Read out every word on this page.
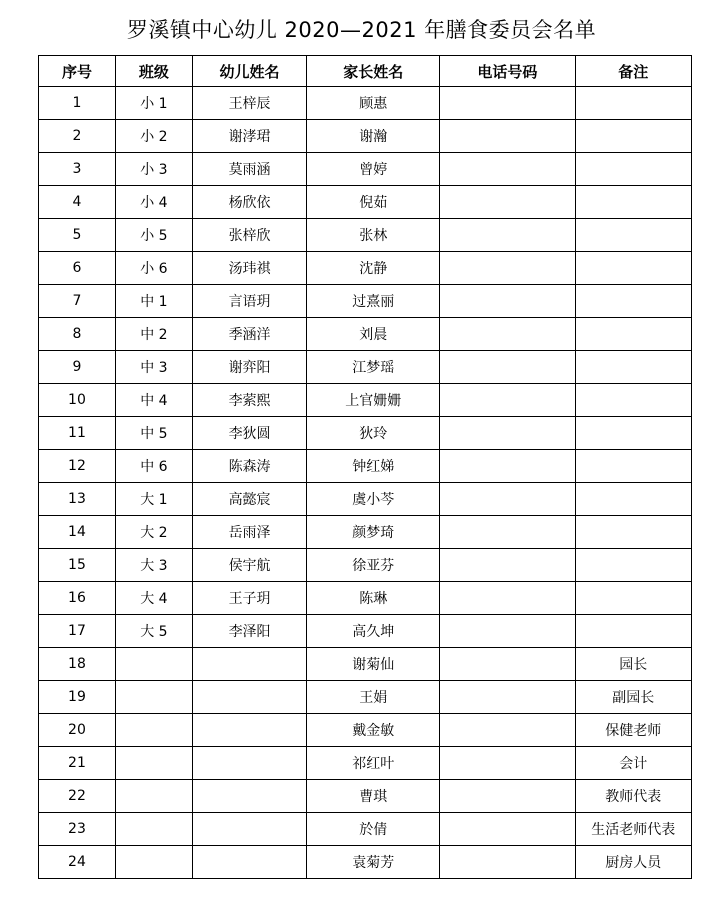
罗溪镇中心幼儿 2020—2021 年膳食委员会名单
序号	班级	幼儿姓名	家长姓名	电话号码	备注
1	小 1	王梓辰	顾惠		
2	小 2	谢涍珺	谢瀚		
3	小 3	莫雨涵	曾婷		
4	小 4	杨欣依	倪茹		
5	小 5	张梓欣	张林		
6	小 6	汤玮祺	沈静		
7	中 1	言语玥	过熹丽		
8	中 2	季涵洋	刘晨		
9	中 3	谢弈阳	江梦瑶		
10	中 4	李萦熙	上官姗姗		
11	中 5	李狄圆	狄玲		
12	中 6	陈森涛	钟红娣		
13	大 1	高懿宸	虞小芩		
14	大 2	岳雨泽	颜梦琦		
15	大 3	侯宇航	徐亚芬		
16	大 4	王子玥	陈琳		
17	大 5	李泽阳	高久坤		
18			谢菊仙		园长
19			王娟		副园长
20			戴金敏		保健老师
21			祁红叶		会计
22			曹琪		教师代表
23			於倩		生活老师代表
24			袁菊芳		厨房人员
